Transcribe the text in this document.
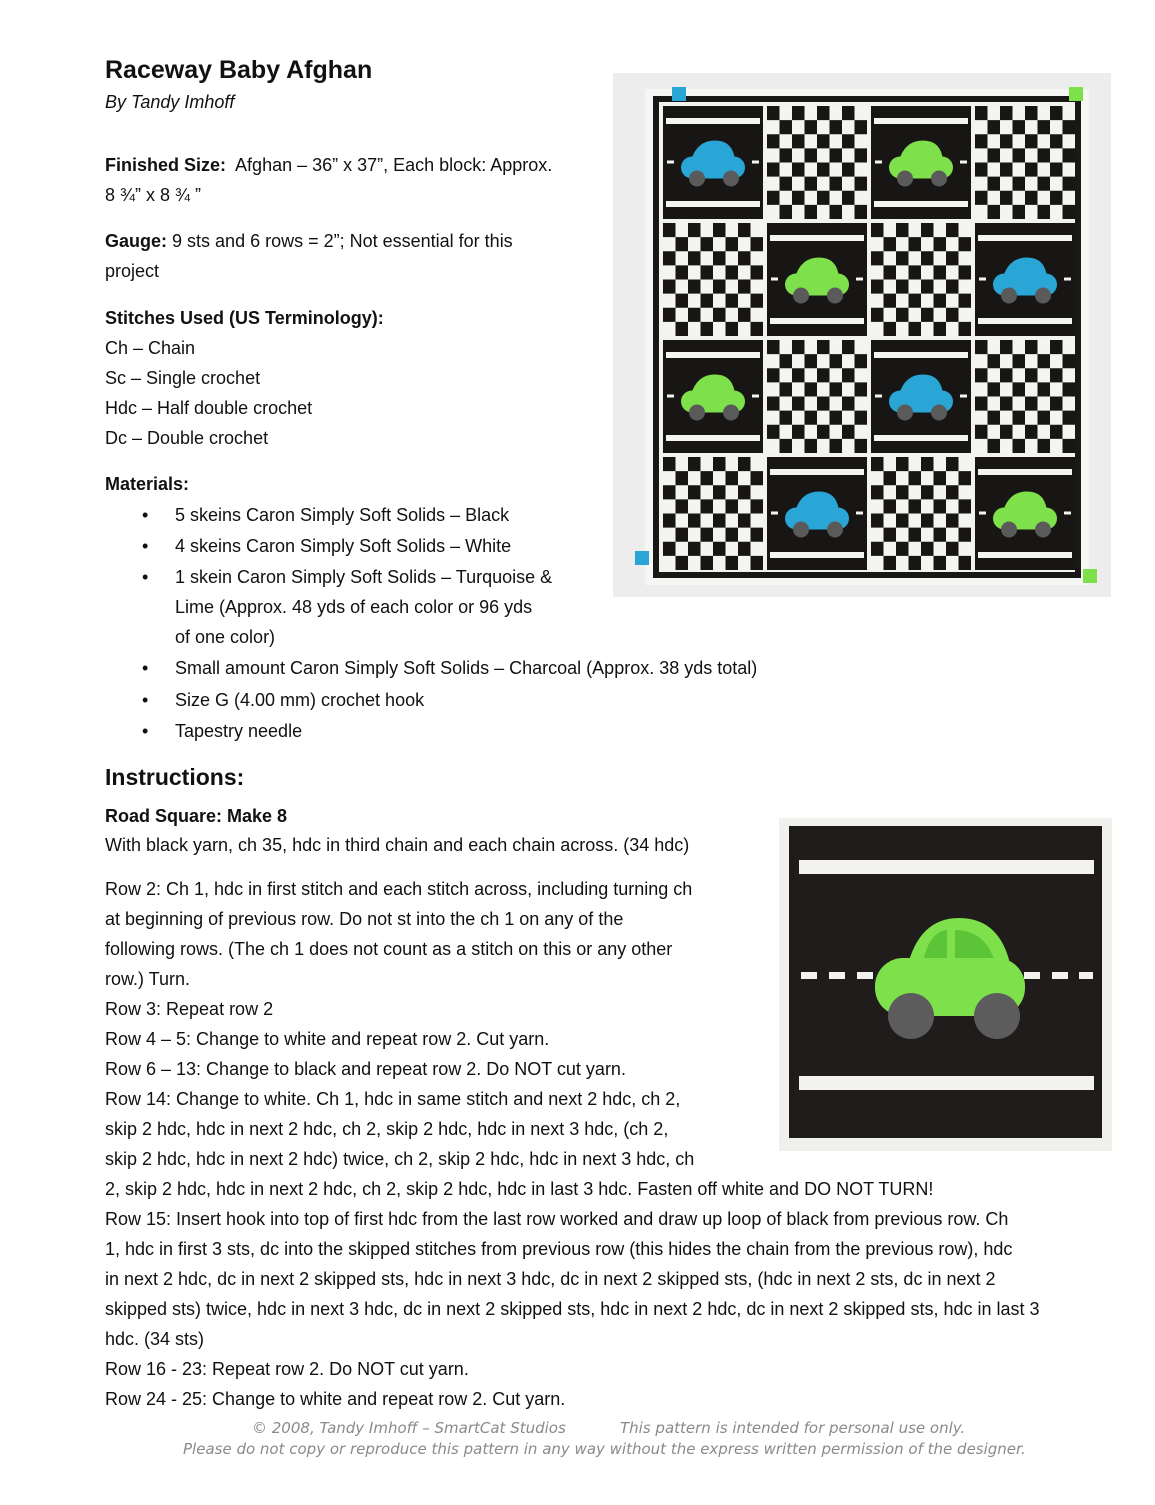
Raceway Baby Afghan
By Tandy Imhoff
Finished Size: Afghan – 36” x 37”, Each block: Approx.
8 ¾” x 8 ¾ ”
Gauge: 9 sts and 6 rows = 2”; Not essential for this
project
Stitches Used (US Terminology):
Ch – Chain
Sc – Single crochet
Hdc – Half double crochet
Dc – Double crochet
Materials:
• 5 skeins Caron Simply Soft Solids – Black
• 4 skeins Caron Simply Soft Solids – White
• 1 skein Caron Simply Soft Solids – Turquoise &
Lime (Approx. 48 yds of each color or 96 yds
of one color)
• Small amount Caron Simply Soft Solids – Charcoal (Approx. 38 yds total)
• Size G (4.00 mm) crochet hook
• Tapestry needle
Instructions:
Road Square: Make 8
With black yarn, ch 35, hdc in third chain and each chain across. (34 hdc)
Row 2: Ch 1, hdc in first stitch and each stitch across, including turning ch
at beginning of previous row. Do not st into the ch 1 on any of the
following rows. (The ch 1 does not count as a stitch on this or any other
row.) Turn.
Row 3: Repeat row 2
Row 4 – 5: Change to white and repeat row 2. Cut yarn.
Row 6 – 13: Change to black and repeat row 2. Do NOT cut yarn.
Row 14: Change to white. Ch 1, hdc in same stitch and next 2 hdc, ch 2,
skip 2 hdc, hdc in next 2 hdc, ch 2, skip 2 hdc, hdc in next 3 hdc, (ch 2,
skip 2 hdc, hdc in next 2 hdc) twice, ch 2, skip 2 hdc, hdc in next 3 hdc, ch
2, skip 2 hdc, hdc in next 2 hdc, ch 2, skip 2 hdc, hdc in last 3 hdc. Fasten off white and DO NOT TURN!
Row 15: Insert hook into top of first hdc from the last row worked and draw up loop of black from previous row. Ch
1, hdc in first 3 sts, dc into the skipped stitches from previous row (this hides the chain from the previous row), hdc
in next 2 hdc, dc in next 2 skipped sts, hdc in next 3 hdc, dc in next 2 skipped sts, (hdc in next 2 sts, dc in next 2
skipped sts) twice, hdc in next 3 hdc, dc in next 2 skipped sts, hdc in next 2 hdc, dc in next 2 skipped sts, hdc in last 3
hdc. (34 sts)
Row 16 - 23: Repeat row 2. Do NOT cut yarn.
Row 24 - 25: Change to white and repeat row 2. Cut yarn.
© 2008, Tandy Imhoff – SmartCat Studios	This pattern is intended for personal use only.
Please do not copy or reproduce this pattern in any way without the express written permission of the designer.
